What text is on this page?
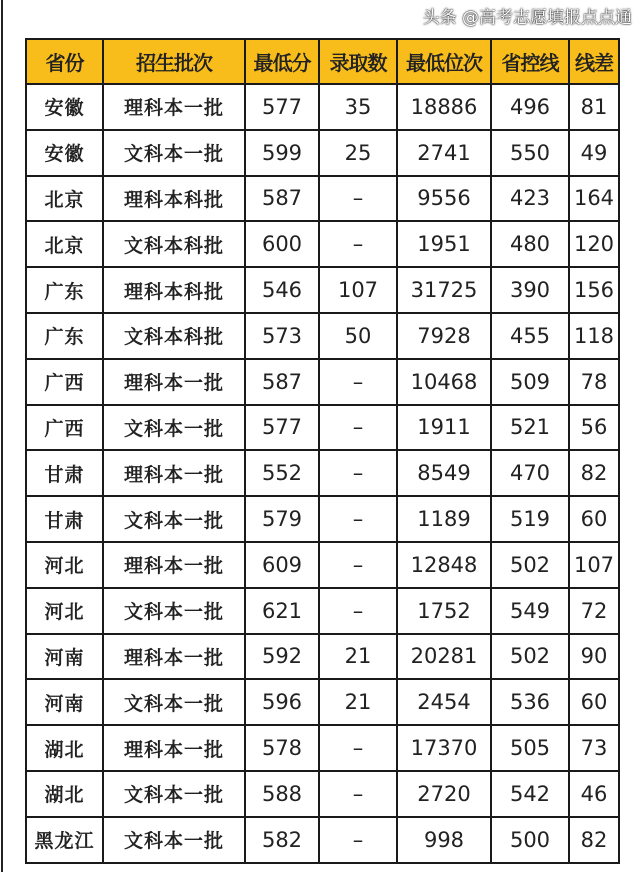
省份	招生批次	最低分	录取数	最低位次	省控线	线差
安徽	理科本一批	577	35	18886	496	81
安徽	文科本一批	599	25	2741	550	49
北京	理科本科批	587	–	9556	423	164
北京	文科本科批	600	–	1951	480	120
广东	理科本科批	546	107	31725	390	156
广东	文科本科批	573	50	7928	455	118
广西	理科本一批	587	–	10468	509	78
广西	文科本一批	577	–	1911	521	56
甘肃	理科本一批	552	–	8549	470	82
甘肃	文科本一批	579	–	1189	519	60
河北	理科本一批	609	–	12848	502	107
河北	文科本一批	621	–	1752	549	72
河南	理科本一批	592	21	20281	502	90
河南	文科本一批	596	21	2454	536	60
湖北	理科本一批	578	–	17370	505	73
湖北	文科本一批	588	–	2720	542	46
黑龙江	文科本一批	582	–	998	500	82
头条 @高考志愿填报点点通
